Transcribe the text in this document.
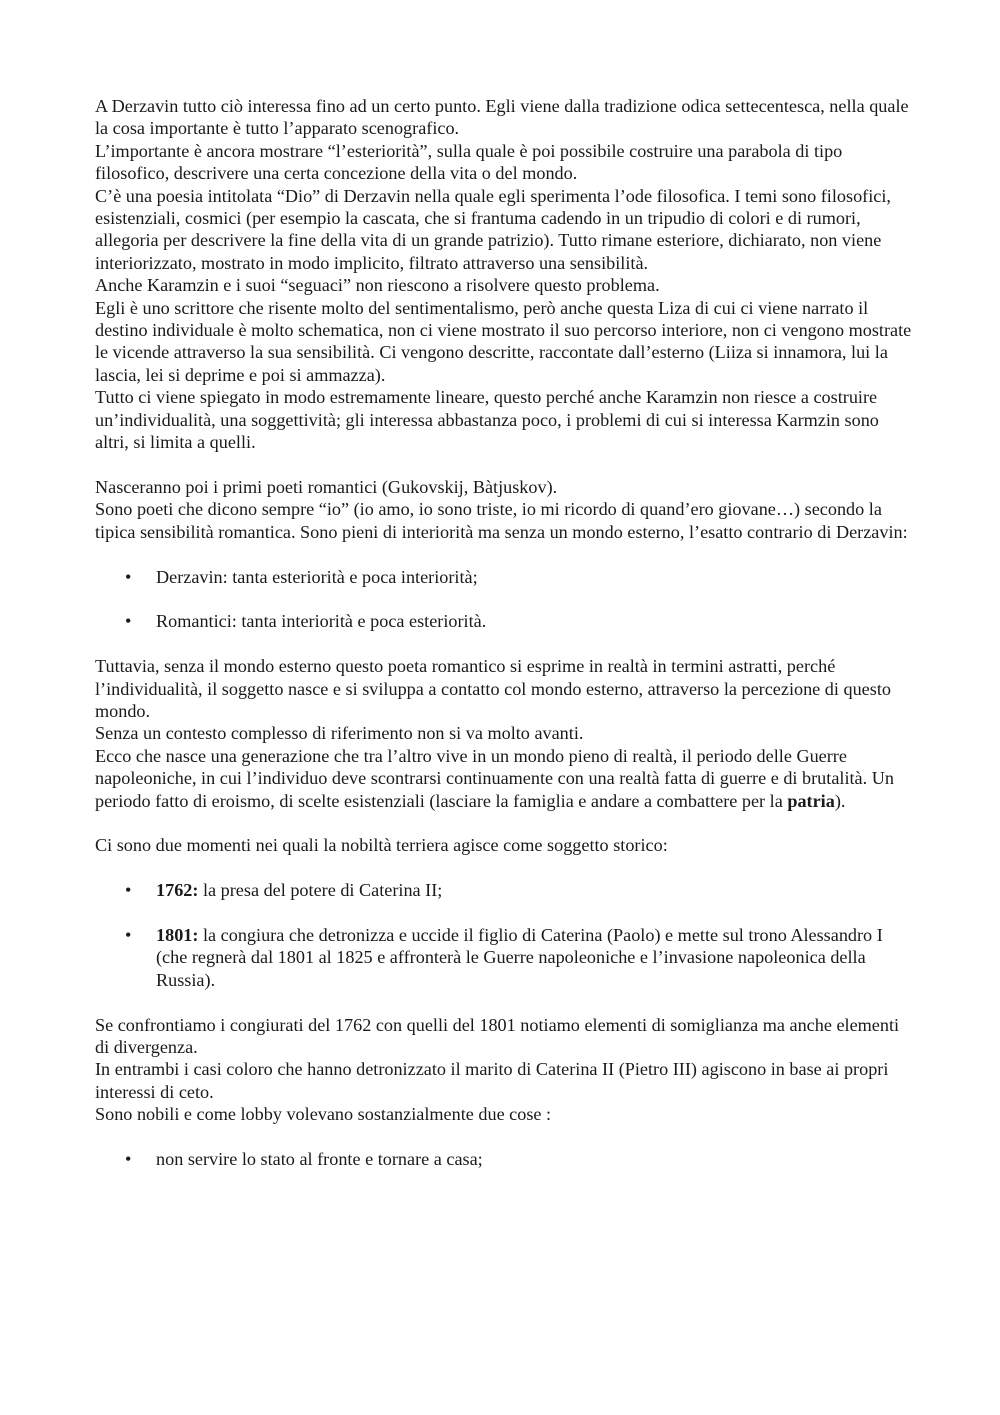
A Derzavin tutto ciò interessa fino ad un certo punto. Egli viene dalla tradizione odica settecentesca, nella quale la cosa importante è tutto l’apparato scenografico.

L’importante è ancora mostrare “l’esteriorità”, sulla quale è poi possibile costruire una parabola di tipo filosofico, descrivere una certa concezione della vita o del mondo.

C’è una poesia intitolata “Dio” di Derzavin nella quale egli sperimenta l’ode filosofica. I temi sono filosofici, esistenziali, cosmici (per esempio la cascata, che si frantuma cadendo in un tripudio di colori e di rumori, allegoria per descrivere la fine della vita di un grande patrizio). Tutto rimane esteriore, dichiarato, non viene interiorizzato, mostrato in modo implicito, filtrato attraverso una sensibilità.

Anche Karamzin e i suoi “seguaci” non riescono a risolvere questo problema.

Egli è uno scrittore che risente molto del sentimentalismo, però anche questa Liza di cui ci viene narrato il destino individuale è molto schematica, non ci viene mostrato il suo percorso interiore, non ci vengono mostrate le vicende attraverso la sua sensibilità. Ci vengono descritte, raccontate dall’esterno (Liiza si innamora, lui la lascia, lei si deprime e poi si ammazza).

Tutto ci viene spiegato in modo estremamente lineare, questo perché anche Karamzin non riesce a costruire un’individualità, una soggettività; gli interessa abbastanza poco, i problemi di cui si interessa Karmzin sono altri, si limita a quelli.

Nasceranno poi i primi poeti romantici (Gukovskij, Bàtjuskov).

Sono poeti che dicono sempre “io” (io amo, io sono triste, io mi ricordo di quand’ero giovane…) secondo la tipica sensibilità romantica. Sono pieni di interiorità ma senza un mondo esterno, l’esatto contrario di Derzavin:

• Derzavin: tanta esteriorità e poca interiorità;
• Romantici: tanta interiorità e poca esteriorità.

Tuttavia, senza il mondo esterno questo poeta romantico si esprime in realtà in termini astratti, perché l’individualità, il soggetto nasce e si sviluppa a contatto col mondo esterno, attraverso la percezione di questo mondo.

Senza un contesto complesso di riferimento non si va molto avanti.

Ecco che nasce una generazione che tra l’altro vive in un mondo pieno di realtà, il periodo delle Guerre napoleoniche, in cui l’individuo deve scontrarsi continuamente con una realtà fatta di guerre e di brutalità. Un periodo fatto di eroismo, di scelte esistenziali (lasciare la famiglia e andare a combattere per la patria).

Ci sono due momenti nei quali la nobiltà terriera agisce come soggetto storico:

• 1762: la presa del potere di Caterina II;
• 1801: la congiura che detronizza e uccide il figlio di Caterina (Paolo) e mette sul trono Alessandro I (che regnerà dal 1801 al 1825 e affronterà le Guerre napoleoniche e l’invasione napoleonica della Russia).

Se confrontiamo i congiurati del 1762 con quelli del 1801 notiamo elementi di somiglianza ma anche elementi di divergenza.

In entrambi i casi coloro che hanno detronizzato il marito di Caterina II (Pietro III) agiscono in base ai propri interessi di ceto.

Sono nobili e come lobby volevano sostanzialmente due cose :

• non servire lo stato al fronte e tornare a casa;
